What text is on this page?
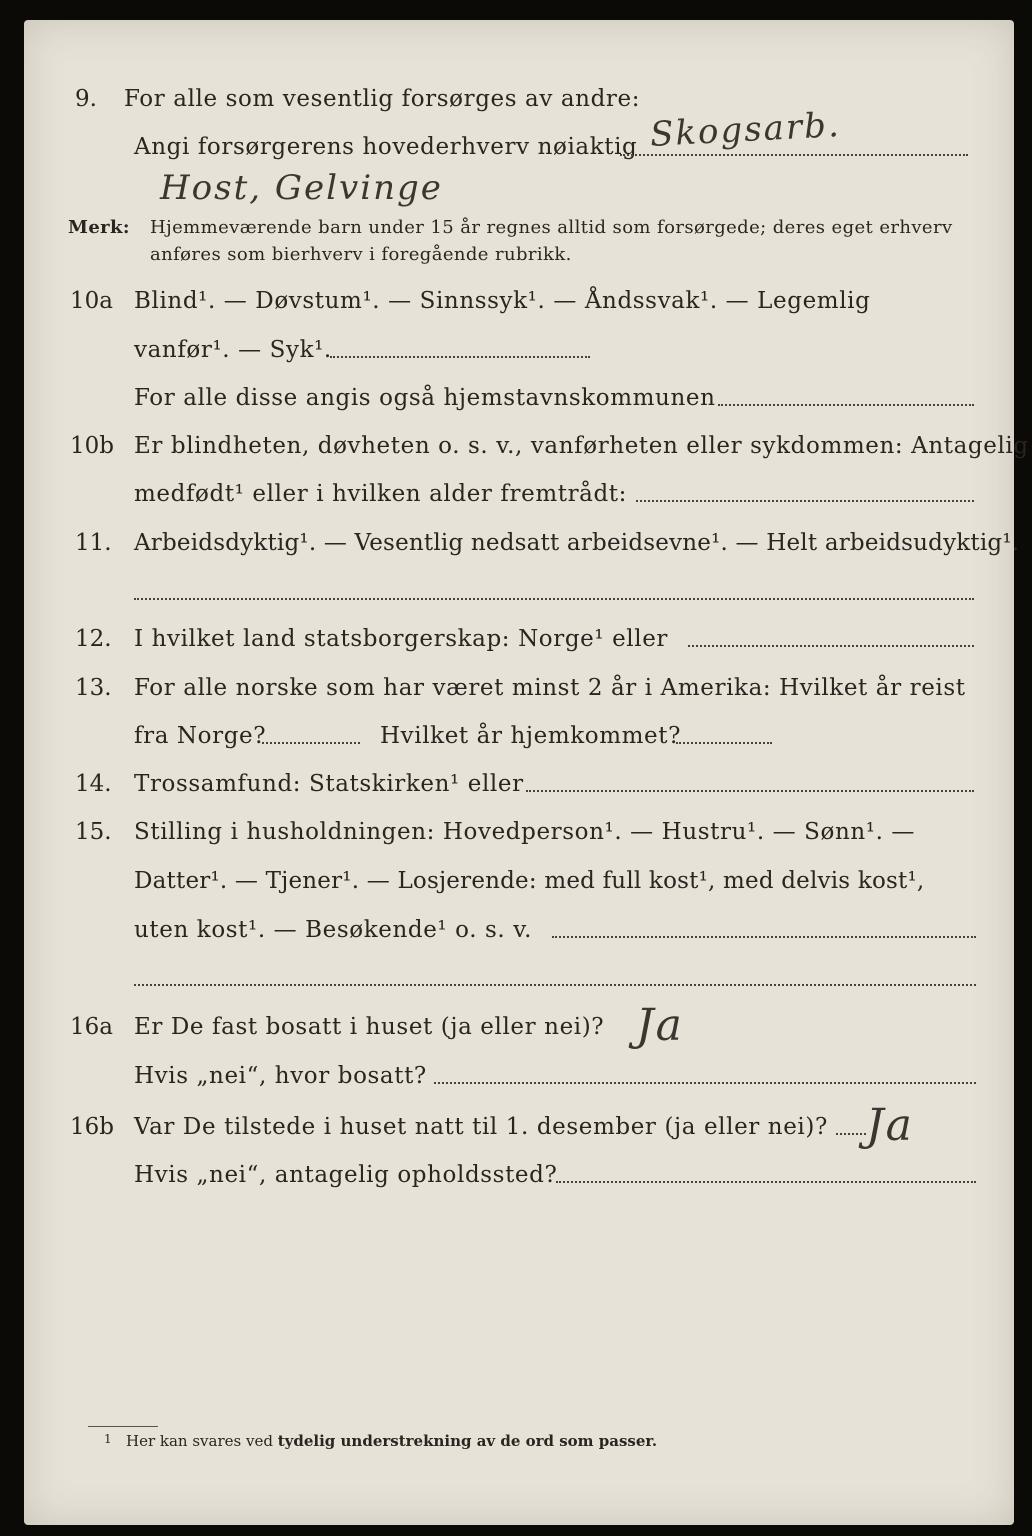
9. For alle som vesentlig forsørges av andre:
Angi forsørgerens hovederhverv nøiaktig Skogsarb.
Host, Gelvinge
Merk: Hjemmeværende barn under 15 år regnes alltid som forsørgede; deres eget erhverv
anføres som bierhverv i foregående rubrikk.
10a Blind¹. — Døvstum¹. — Sinnssyk¹. — Åndssvak¹. — Legemlig
vanfør¹. — Syk¹.
For alle disse angis også hjemstavnskommunen
10b Er blindheten, døvheten o. s. v., vanførheten eller sykdommen: Antagelig
medfødt¹ eller i hvilken alder fremtrådt:
11. Arbeidsdyktig¹. — Vesentlig nedsatt arbeidsevne¹. — Helt arbeidsudyktig¹.
12. I hvilket land statsborgerskap: Norge¹ eller
13. For alle norske som har været minst 2 år i Amerika: Hvilket år reist
fra Norge?	Hvilket år hjemkommet?
14. Trossamfund: Statskirken¹ eller
15. Stilling i husholdningen: Hovedperson¹. — Hustru¹. — Sønn¹. —
Datter¹. — Tjener¹. — Losjerende: med full kost¹, med delvis kost¹,
uten kost¹. — Besøkende¹ o. s. v.
16a Er De fast bosatt i huset (ja eller nei)? Ja
Hvis „nei“, hvor bosatt?
16b Var De tilstede i huset natt til 1. desember (ja eller nei)? Ja
Hvis „nei“, antagelig opholdssted?
1 Her kan svares ved tydelig understrekning av de ord som passer.
